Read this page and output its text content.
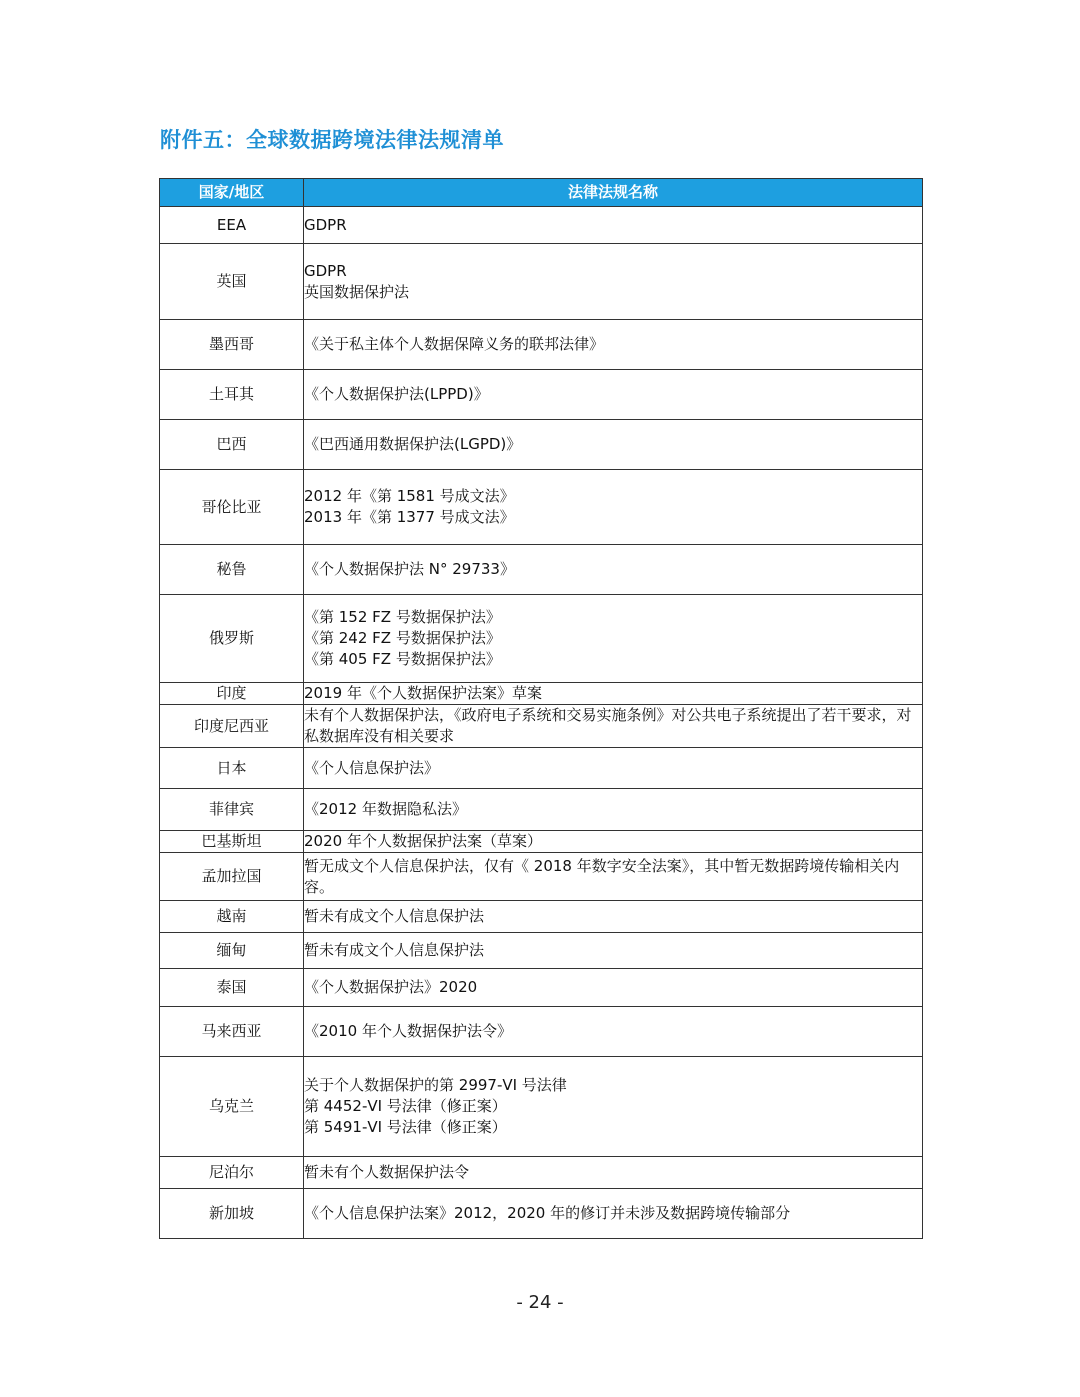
附件五：全球数据跨境法律法规清单
国家/地区	法律法规名称
EEA	GDPR

英国	GDPR
英国数据保护法

墨西哥	《关于私主体个人数据保障义务的联邦法律》

土耳其	《个人数据保护法(LPPD)》

巴西	《巴西通用数据保护法(LGPD)》

哥伦比亚	2012 年《第 1581 号成文法》
2013 年《第 1377 号成文法》

秘鲁	《个人数据保护法 N° 29733》

俄罗斯	《第 152 FZ 号数据保护法》
《第 242 FZ 号数据保护法》
《第 405 FZ 号数据保护法》

印度	2019 年《个人数据保护法案》草案

印度尼西亚	未有个人数据保护法，《政府电子系统和交易实施条例》对公共电子系统提出了若干要求，对私数据库没有相关要求

日本	《个人信息保护法》

菲律宾	《2012 年数据隐私法》

巴基斯坦	2020 年个人数据保护法案（草案）

孟加拉国	暂无成文个人信息保护法，仅有《 2018 年数字安全法案》，其中暂无数据跨境传输相关内容。

越南	暂未有成文个人信息保护法

缅甸	暂未有成文个人信息保护法

泰国	《个人数据保护法》2020

马来西亚	《2010 年个人数据保护法令》

乌克兰	关于个人数据保护的第 2997-VI 号法律
第 4452-VI 号法律（修正案）
第 5491-VI 号法律（修正案）

尼泊尔	暂未有个人数据保护法令

新加坡	《个人信息保护法案》2012，2020 年的修订并未涉及数据跨境传输部分
- 24 -
